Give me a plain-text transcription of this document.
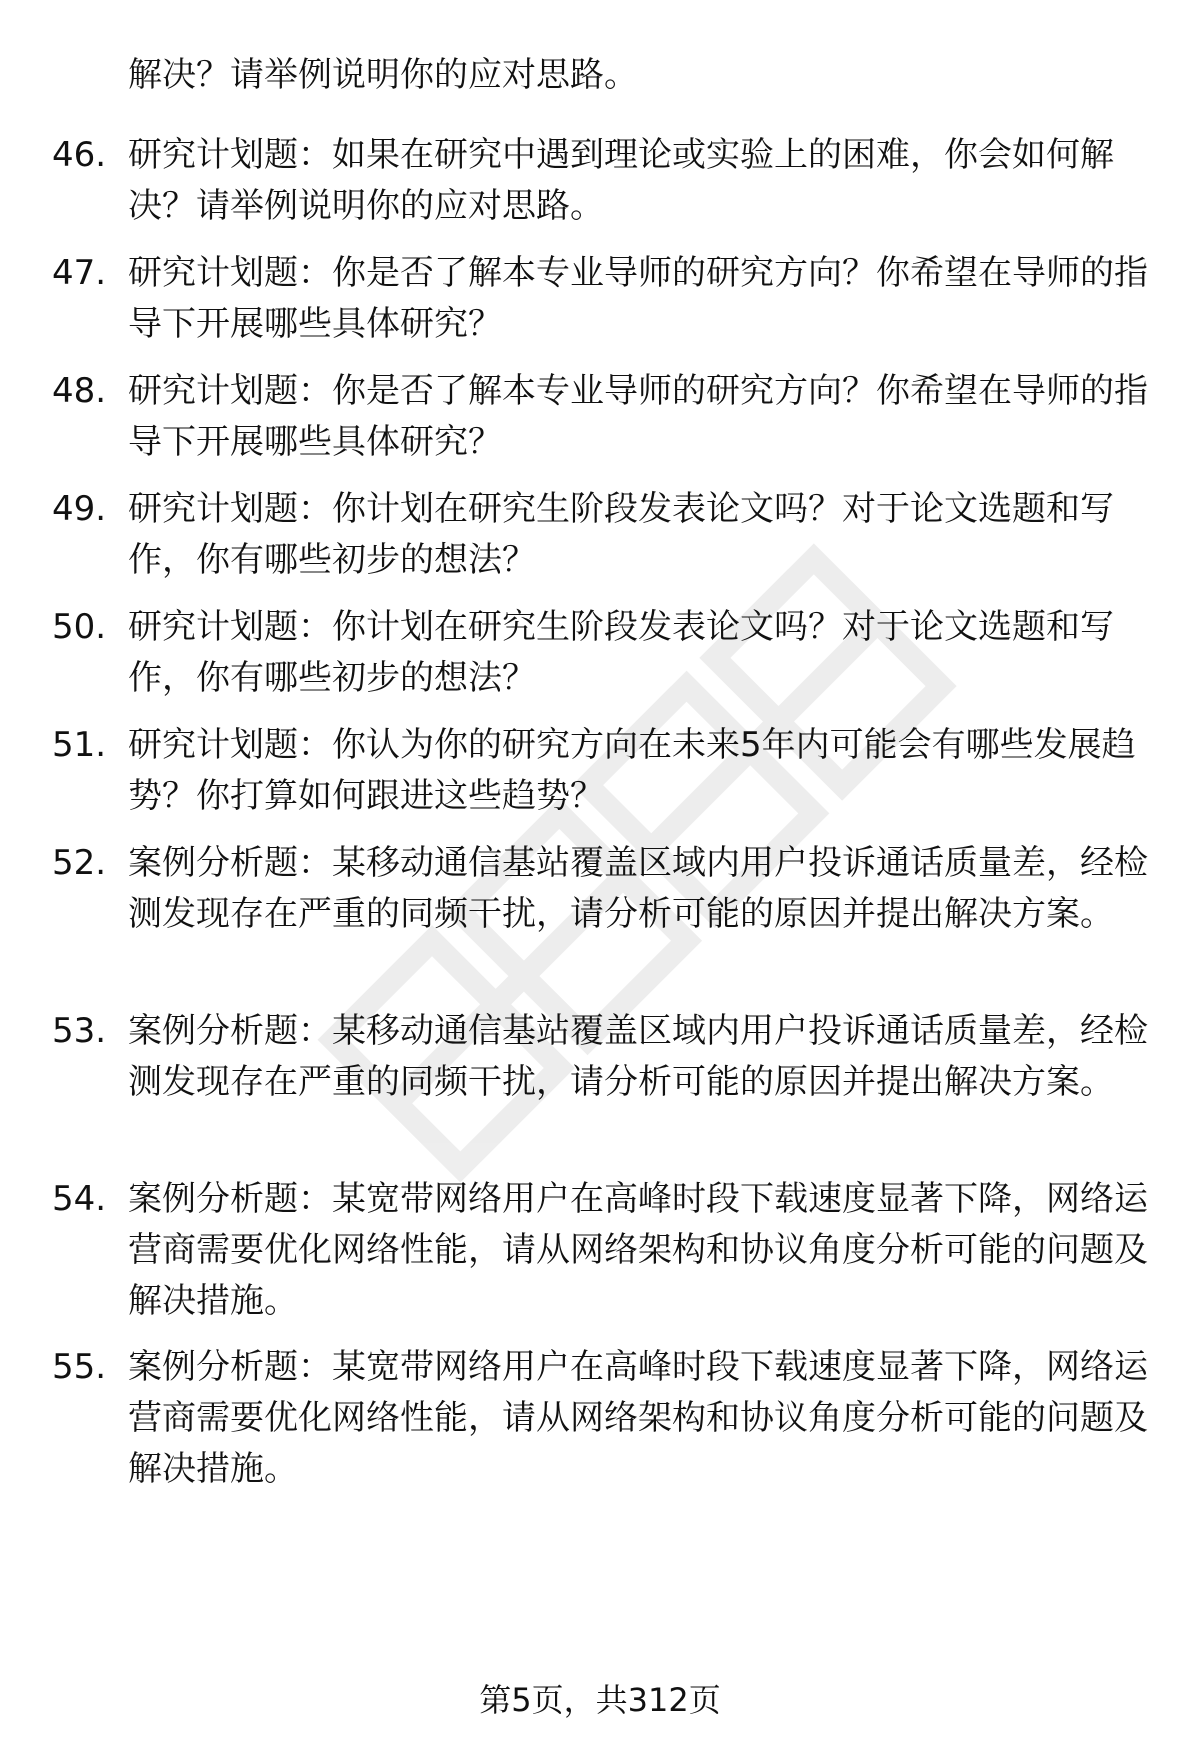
解决？请举例说明你的应对思路。
46. 研究计划题：如果在研究中遇到理论或实验上的困难，你会如何解决？请举例说明你的应对思路。
47. 研究计划题：你是否了解本专业导师的研究方向？你希望在导师的指导下开展哪些具体研究？
48. 研究计划题：你是否了解本专业导师的研究方向？你希望在导师的指导下开展哪些具体研究？
49. 研究计划题：你计划在研究生阶段发表论文吗？对于论文选题和写作，你有哪些初步的想法？
50. 研究计划题：你计划在研究生阶段发表论文吗？对于论文选题和写作，你有哪些初步的想法？
51. 研究计划题：你认为你的研究方向在未来5年内可能会有哪些发展趋势？你打算如何跟进这些趋势？
52. 案例分析题：某移动通信基站覆盖区域内用户投诉通话质量差，经检测发现存在严重的同频干扰，请分析可能的原因并提出解决方案。
53. 案例分析题：某移动通信基站覆盖区域内用户投诉通话质量差，经检测发现存在严重的同频干扰，请分析可能的原因并提出解决方案。
54. 案例分析题：某宽带网络用户在高峰时段下载速度显著下降，网络运营商需要优化网络性能，请从网络架构和协议角度分析可能的问题及解决措施。
55. 案例分析题：某宽带网络用户在高峰时段下载速度显著下降，网络运营商需要优化网络性能，请从网络架构和协议角度分析可能的问题及解决措施。
第5页，共312页
